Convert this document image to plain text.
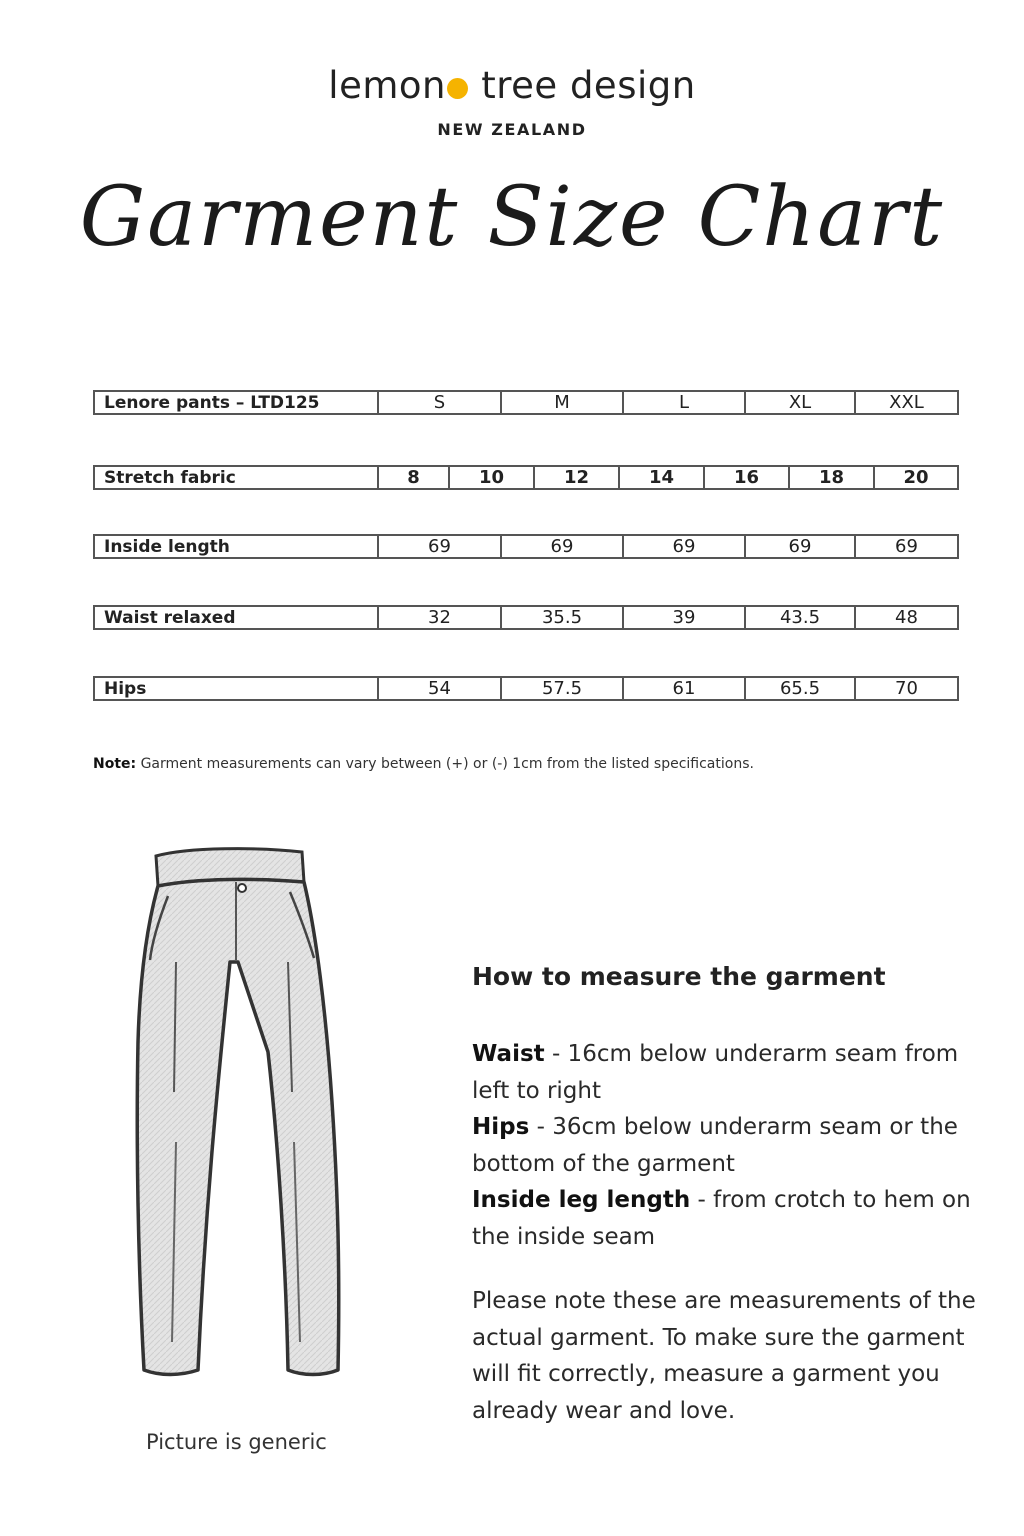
lemon tree design
NEW ZEALAND
Garment Size Chart
Lenore pants – LTD125	S	M	L	XL	XXL
Stretch fabric	8	10	12	14	16	18	20
Inside length	69	69	69	69	69
Waist relaxed	32	35.5	39	43.5	48
Hips	54	57.5	61	65.5	70
Note: Garment measurements can vary between (+) or (-) 1cm from the listed specifications.
Picture is generic
How to measure the garment
Waist - 16cm below underarm seam from left to right
Hips - 36cm below underarm seam or the bottom of the garment
Inside leg length - from crotch to hem on the inside seam
Please note these are measurements of the actual garment. To make sure the garment will fit correctly, measure a garment you already wear and love.
